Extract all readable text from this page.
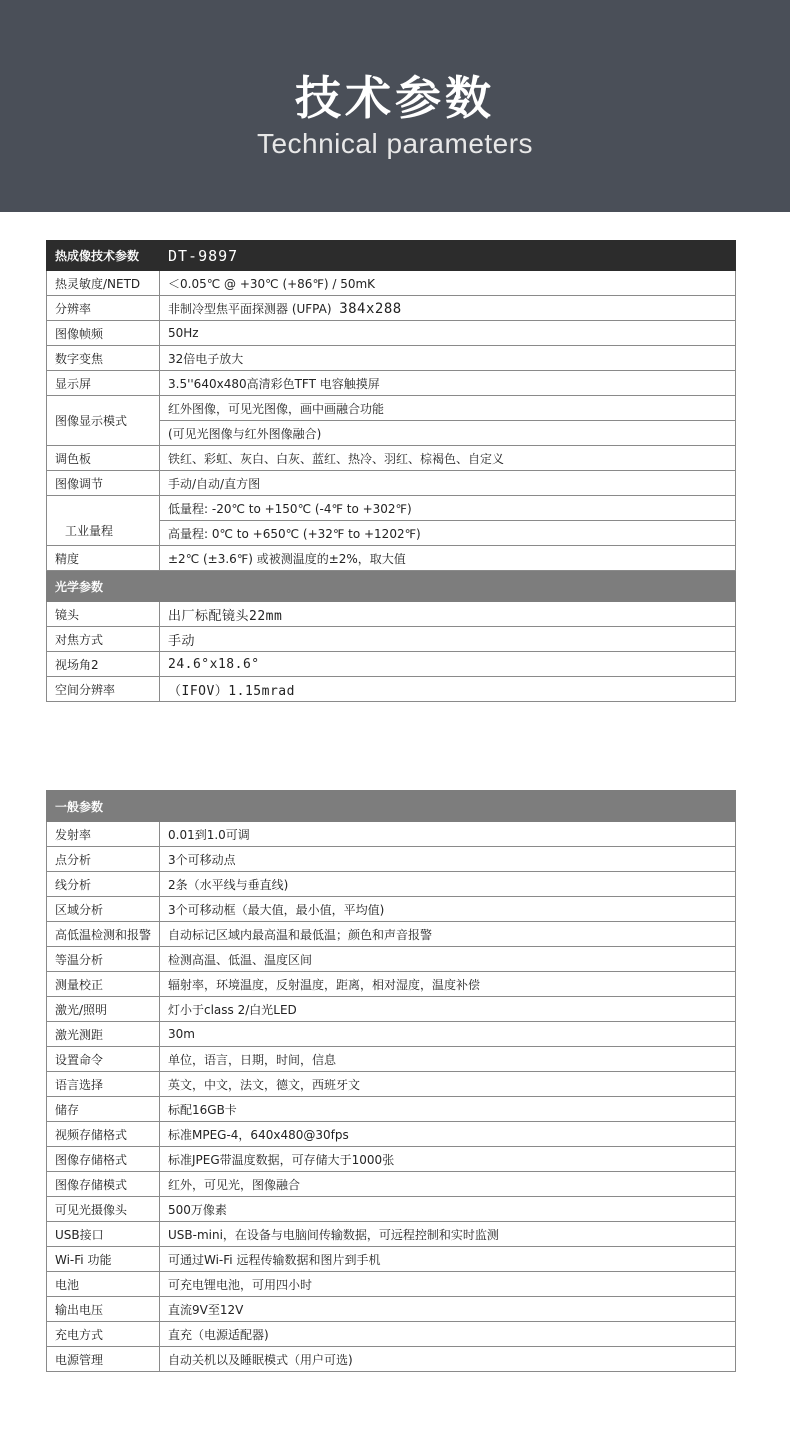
技术参数
Technical parameters
热成像技术参数	DT-9897
热灵敏度/NETD	＜0.05℃ @ +30℃ (+86℉) / 50mK
分辨率	非制冷型焦平面探测器 (UFPA) 384x288
图像帧频	50Hz
数字变焦	32倍电子放大
显示屏	3.5''640x480高清彩色TFT 电容触摸屏
图像显示模式	红外图像，可见光图像，画中画融合功能
	(可见光图像与红外图像融合)
调色板	铁红、彩虹、灰白、白灰、蓝红、热冷、羽红、棕褐色、自定义
图像调节	手动/自动/直方图
工业量程	低量程: -20℃ to +150℃ (-4℉ to +302℉)
	高量程: 0℃ to +650℃ (+32℉ to +1202℉)
精度	±2℃ (±3.6℉) 或被测温度的±2%，取大值
光学参数	
镜头	出厂标配镜头22mm
对焦方式	手动
视场角2	24.6°x18.6°
空间分辨率	（IFOV）1.15mrad
一般参数	
发射率	0.01到1.0可调
点分析	3个可移动点
线分析	2条（水平线与垂直线)
区域分析	3个可移动框（最大值，最小值，平均值)
高低温检测和报警	自动标记区域内最高温和最低温；颜色和声音报警
等温分析	检测高温、低温、温度区间
测量校正	辐射率，环境温度，反射温度，距离，相对湿度，温度补偿
激光/照明	灯小于class 2/白光LED
激光测距	30m
设置命令	单位，语言，日期，时间，信息
语言选择	英文，中文，法文，德文，西班牙文
储存	标配16GB卡
视频存储格式	标准MPEG-4，640x480@30fps
图像存储格式	标准JPEG带温度数据，可存储大于1000张
图像存储模式	红外，可见光，图像融合
可见光摄像头	500万像素
USB接口	USB-mini，在设备与电脑间传输数据，可远程控制和实时监测
Wi-Fi 功能	可通过Wi-Fi 远程传输数据和图片到手机
电池	可充电锂电池，可用四小时
输出电压	直流9V至12V
充电方式	直充（电源适配器)
电源管理	自动关机以及睡眠模式（用户可选)
